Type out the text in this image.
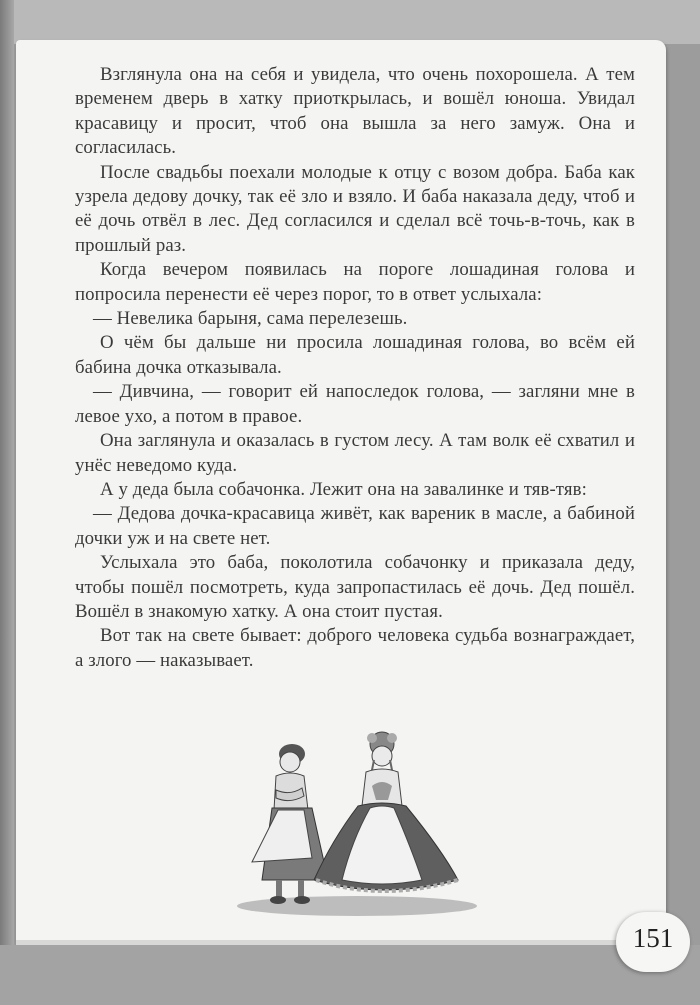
Взглянула она на себя и увидела, что очень похорошела. А тем временем дверь в хатку приоткрылась, и вошёл юноша. Увидал красавицу и просит, чтоб она вышла за него замуж. Она и согласилась.

После свадьбы поехали молодые к отцу с возом добра. Баба как узрела дедову дочку, так её зло и взяло. И баба наказала деду, чтоб и её дочь отвёл в лес. Дед согласился и сделал всё точь-в-точь, как в прошлый раз.

Когда вечером появилась на пороге лошадиная голова и попросила перенести её через порог, то в ответ услыхала:

— Невелика барыня, сама перелезешь.

О чём бы дальше ни просила лошадиная голова, во всём ей бабина дочка отказывала.

— Дивчина, — говорит ей напоследок голова, — загляни мне в левое ухо, а потом в правое.

Она заглянула и оказалась в густом лесу. А там волк её схватил и унёс неведомо куда.

А у деда была собачонка. Лежит она на завалинке и тяв-тяв:

— Дедова дочка-красавица живёт, как вареник в масле, а бабиной дочки уж и на свете нет.

Услыхала это баба, поколотила собачонку и приказала деду, чтобы пошёл посмотреть, куда запропастилась её дочь. Дед пошёл. Вошёл в знакомую хатку. А она стоит пустая.

Вот так на свете бывает: доброго человека судьба вознаграждает, а злого — наказывает.

151
